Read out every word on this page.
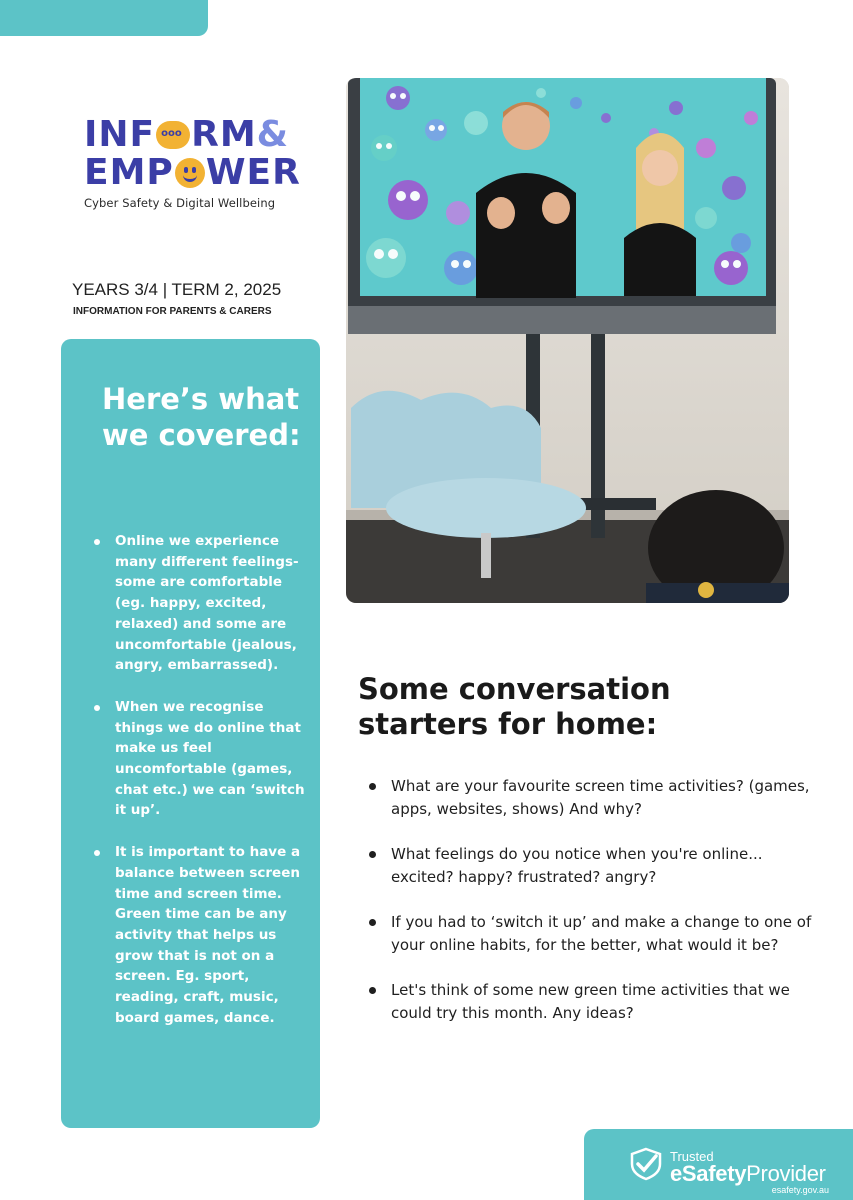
INF ooo RM &
EMP WER
Cyber Safety & Digital Wellbeing
YEARS 3/4 | TERM 2, 2025
INFORMATION FOR PARENTS & CARERS
Here’s what we covered:
Online we experience many different feelings- some are comfortable (eg. happy, excited, relaxed) and some are uncomfortable (jealous, angry, embarrassed).
When we recognise things we do online that make us feel uncomfortable (games, chat etc.) we can ‘switch it up’.
It is important to have a balance between screen time and screen time. Green time can be any activity that helps us grow that is not on a screen. Eg. sport, reading, craft, music, board games, dance.
Some conversation starters for home:
What are your favourite screen time activities? (games, apps, websites, shows) And why?
What feelings do you notice when you're online... excited? happy? frustrated? angry?
If you had to ‘switch it up’ and make a change to one of your online habits, for the better, what would it be?
Let's think of some new green time activities that we could try this month. Any ideas?
Trusted
eSafetyProvider
esafety.gov.au
